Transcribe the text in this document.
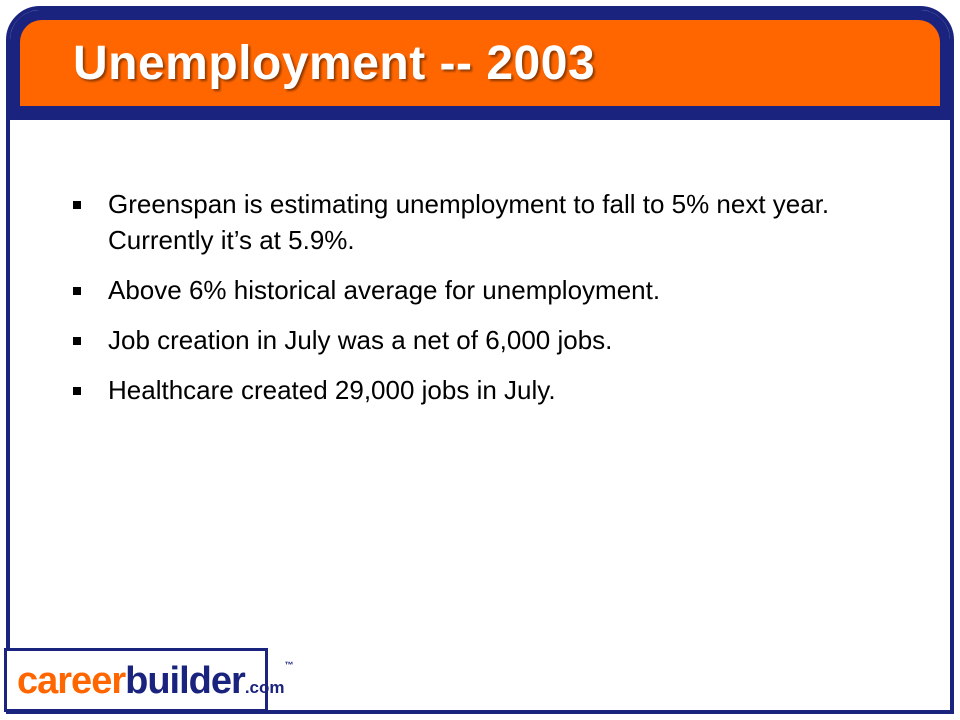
Unemployment -- 2003
Greenspan is estimating unemployment to fall to 5% next year. Currently it’s at 5.9%.
Above 6% historical average for unemployment.
Job creation in July was a net of 6,000 jobs.
Healthcare created 29,000 jobs in July.
careerbuilder.com™
